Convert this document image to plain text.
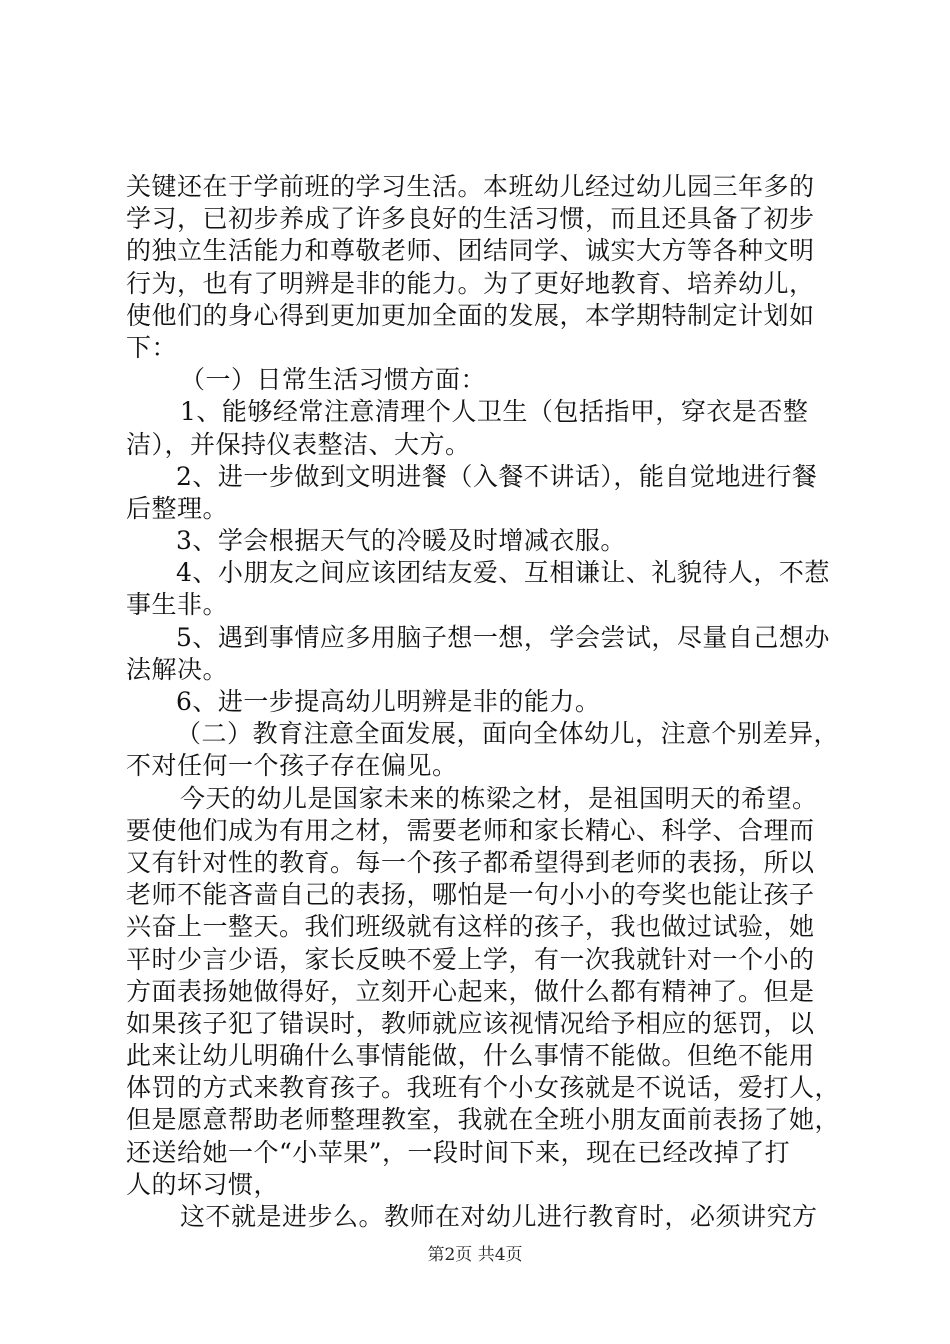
关键还在于学前班的学习生活。本班幼儿经过幼儿园三年多的
学习，已初步养成了许多良好的生活习惯，而且还具备了初步
的独立生活能力和尊敬老师、团结同学、诚实大方等各种文明
行为，也有了明辨是非的能力。为了更好地教育、培养幼儿，
使他们的身心得到更加更加全面的发展，本学期特制定计划如
下：
（一）日常生活习惯方面：
1、能够经常注意清理个人卫生（包括指甲，穿衣是否整
洁），并保持仪表整洁、大方。
2、进一步做到文明进餐（入餐不讲话），能自觉地进行餐
后整理。
3、学会根据天气的冷暖及时增减衣服。
4、小朋友之间应该团结友爱、互相谦让、礼貌待人，不惹
事生非。
5、遇到事情应多用脑子想一想，学会尝试，尽量自己想办
法解决。
6、进一步提高幼儿明辨是非的能力。
（二）教育注意全面发展，面向全体幼儿，注意个别差异，
不对任何一个孩子存在偏见。
今天的幼儿是国家未来的栋梁之材，是祖国明天的希望。
要使他们成为有用之材，需要老师和家长精心、科学、合理而
又有针对性的教育。每一个孩子都希望得到老师的表扬，所以
老师不能吝啬自己的表扬，哪怕是一句小小的夸奖也能让孩子
兴奋上一整天。我们班级就有这样的孩子，我也做过试验，她
平时少言少语，家长反映不爱上学，有一次我就针对一个小的
方面表扬她做得好，立刻开心起来，做什么都有精神了。但是
如果孩子犯了错误时，教师就应该视情况给予相应的惩罚，以
此来让幼儿明确什么事情能做，什么事情不能做。但绝不能用
体罚的方式来教育孩子。我班有个小女孩就是不说话，爱打人，
但是愿意帮助老师整理教室，我就在全班小朋友面前表扬了她，
还送给她一个“小苹果”，一段时间下来，现在已经改掉了打
人的坏习惯，
这不就是进步么。教师在对幼儿进行教育时，必须讲究方
第2页 共4页
